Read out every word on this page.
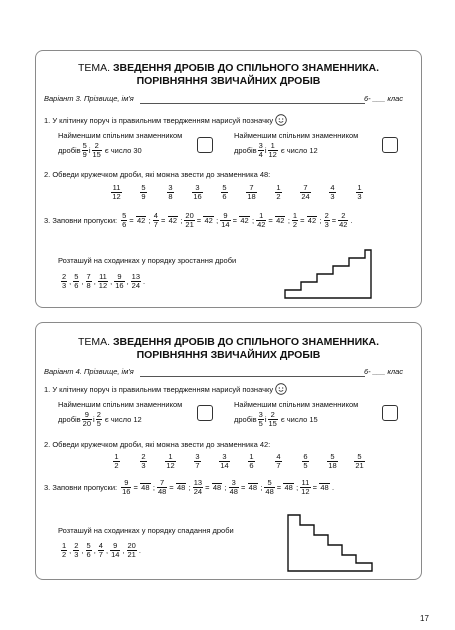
ТЕМА. ЗВЕДЕННЯ ДРОБІВ ДО СПІЛЬНОГО ЗНАМЕННИКА.
ПОРІВНЯННЯ ЗВИЧАЙНИХ ДРОБІВ
Варіант 3. Прізвище, ім'я	6- ___ клас
1. У клітинку поруч із правильним твердженням нарисуй позначку
Найменшим спільним знаменником
дробів $\frac{5}{9}$ і $\frac{2}{15}$ є число 30
Найменшим спільним знаменником
дробів $\frac{3}{4}$ і $\frac{1}{12}$ є число 12
2. Обведи кружечком дроби, які можна звести до знаменника 48:
$\frac{11}{12} \frac{5}{9}$	$\frac{3}{8}$	$\frac{3}{16} \frac{5}{6}$	$\frac{7}{18} \frac{1}{2}$	$\frac{7}{24} \frac{4}{3}$	$\frac{1}{3}$
3. Заповни пропуски: $\frac{5}{6} = 42$ ; $\frac{4}{7} = 42$ ; $\frac{20}{21} = 42$ ; $\frac{9}{14} = 42$ ; $\frac{1}{42} = 42$ ; $\frac{1}{2} = 42$ ; $\frac{2}{3} = \frac{2}{42}$ .
Розташуй на сходинках у порядку зростання дроби
$\frac{2}{3}$ , $\frac{5}{6}$ , $\frac{7}{8}$ , $\frac{11}{12}$ , $\frac{9}{16}$ , $\frac{13}{24}$ .
ТЕМА. ЗВЕДЕННЯ ДРОБІВ ДО СПІЛЬНОГО ЗНАМЕННИКА.
ПОРІВНЯННЯ ЗВИЧАЙНИХ ДРОБІВ
Варіант 4. Прізвище, ім'я	6- ___ клас
1. У клітинку поруч із правильним твердженням нарисуй позначку
Найменшим спільним знаменником
дробів $\frac{9}{20}$ і $\frac{2}{5}$ є число 12
Найменшим спільним знаменником
дробів $\frac{3}{5}$ і $\frac{2}{15}$ є число 15
2. Обведи кружечком дроби, які можна звести до знаменника 42:
$\frac{1}{2}$	$\frac{2}{3}$	$\frac{1}{12} \frac{3}{7}$	$\frac{3}{14} \frac{1}{6}$	$\frac{4}{7}$	$\frac{6}{5}$	$\frac{5}{18} \frac{5}{21}$
3. Заповни пропуски: $\frac{9}{16} = 48$ ; $\frac{7}{48} = 48$ ; $\frac{13}{24} = 48$ ; $\frac{3}{48} = 48$ ; $\frac{5}{48} = 48$ ; $\frac{11}{12} = 48$ .
Розташуй на сходинках у порядку спадання дроби
$\frac{1}{2}$ , $\frac{2}{3}$ , $\frac{5}{6}$ , $\frac{4}{7}$ , $\frac{9}{14}$ , $\frac{20}{21}$ .
17
